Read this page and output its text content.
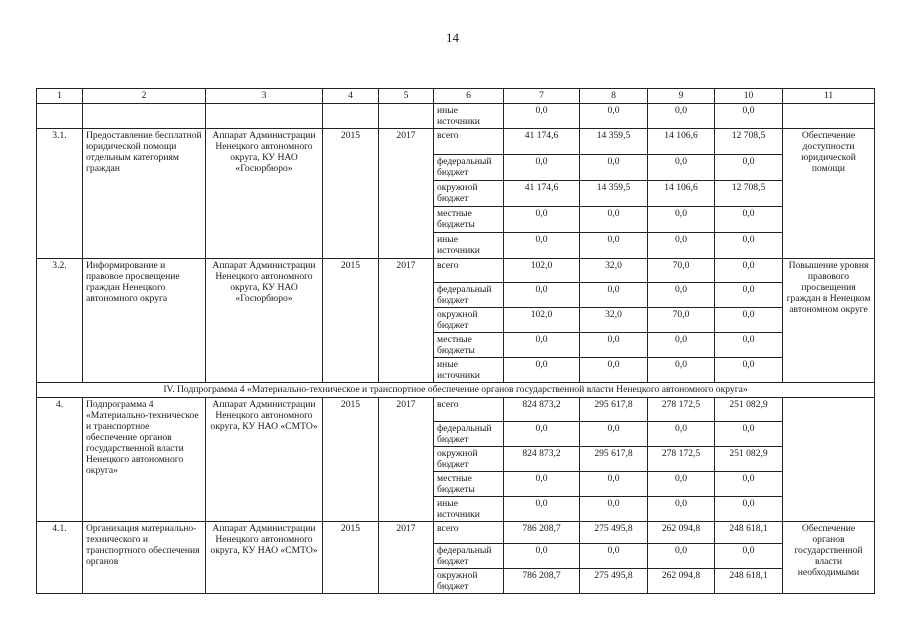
14
1	2	3	4	5	6	7	8	9	10	11
					иные источники	0,0	0,0	0,0	0,0	
3.1.	Предоставление бесплатной юридической помощи отдельным категориям граждан	Аппарат Администрации Ненецкого автономного округа, КУ НАО «Госюрбюро»	2015	2017	всего	41 174,6	14 359,5	14 106,6	12 708,5	Обеспечение доступности юридической помощи
					федеральный бюджет	0,0	0,0	0,0	0,0	
					окружной бюджет	41 174,6	14 359,5	14 106,6	12 708,5	
					местные бюджеты	0,0	0,0	0,0	0,0	
					иные источники	0,0	0,0	0,0	0,0	
3.2.	Информирование и правовое просвещение граждан Ненецкого автономного округа	Аппарат Администрации Ненецкого автономного округа, КУ НАО «Госюрбюро»	2015	2017	всего	102,0	32,0	70,0	0,0	Повышение уровня правового просвещения граждан в Ненецком автономном округе
					федеральный бюджет	0,0	0,0	0,0	0,0	
					окружной бюджет	102,0	32,0	70,0	0,0	
					местные бюджеты	0,0	0,0	0,0	0,0	
					иные источники	0,0	0,0	0,0	0,0	
IV. Подпрограмма 4 «Материально-техническое и транспортное обеспечение органов государственной власти Ненецкого автономного округа»										
4.	Подпрограмма 4 «Материально-техническое и транспортное обеспечение органов государственной власти Ненецкого автономного округа»	Аппарат Администрации Ненецкого автономного округа, КУ НАО «СМТО»	2015	2017	всего	824 873,2	295 617,8	278 172,5	251 082,9	
					федеральный бюджет	0,0	0,0	0,0	0,0	
					окружной бюджет	824 873,2	295 617,8	278 172,5	251 082,9	
					местные бюджеты	0,0	0,0	0,0	0,0	
					иные источники	0,0	0,0	0,0	0,0	
4.1.	Организация материально-технического и транспортного обеспечения органов	Аппарат Администрации Ненецкого автономного округа, КУ НАО «СМТО»	2015	2017	всего	786 208,7	275 495,8	262 094,8	248 618,1	Обеспечение органов государственной власти необходимыми
					федеральный бюджет	0,0	0,0	0,0	0,0	
					окружной бюджет	786 208,7	275 495,8	262 094,8	248 618,1	
